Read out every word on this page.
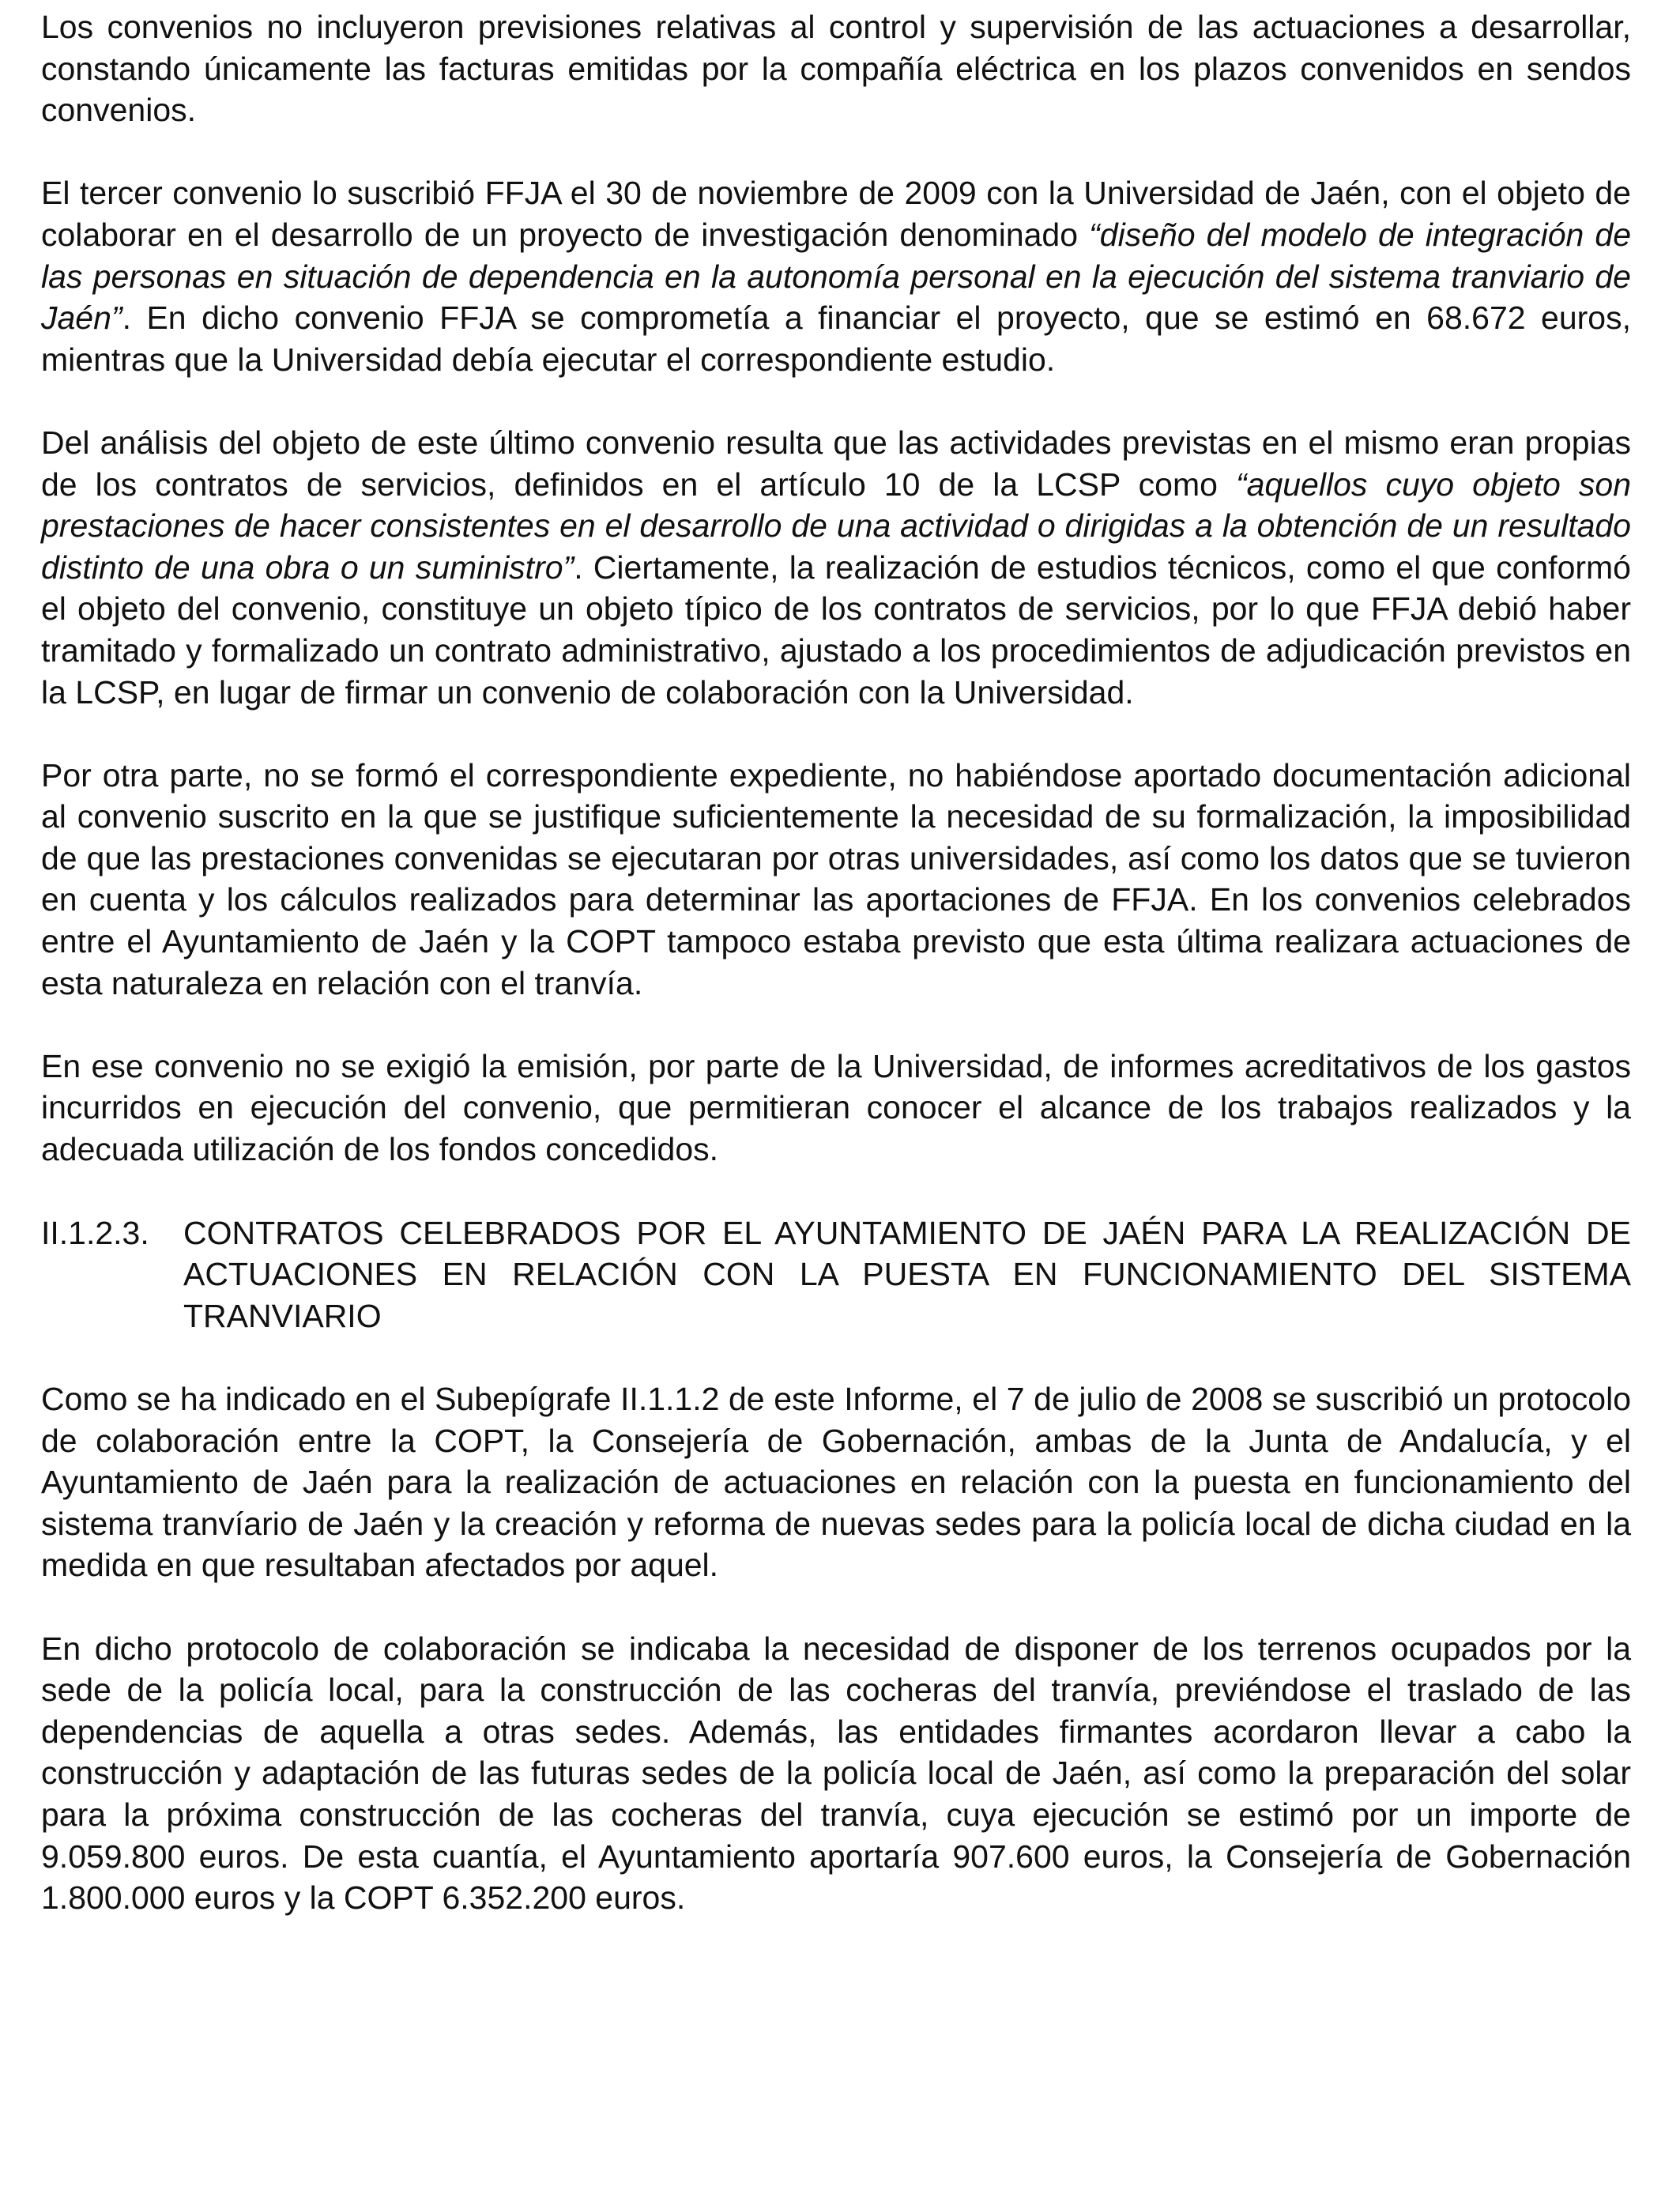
Los convenios no incluyeron previsiones relativas al control y supervisión de las actuaciones a desarrollar, constando únicamente las facturas emitidas por la compañía eléctrica en los plazos convenidos en sendos convenios.

El tercer convenio lo suscribió FFJA el 30 de noviembre de 2009 con la Universidad de Jaén, con el objeto de colaborar en el desarrollo de un proyecto de investigación denominado “diseño del modelo de integración de las personas en situación de dependencia en la autonomía personal en la ejecución del sistema tranviario de Jaén”. En dicho convenio FFJA se comprometía a financiar el proyecto, que se estimó en 68.672 euros, mientras que la Universidad debía ejecutar el correspondiente estudio.

Del análisis del objeto de este último convenio resulta que las actividades previstas en el mismo eran propias de los contratos de servicios, definidos en el artículo 10 de la LCSP como “aquellos cuyo objeto son prestaciones de hacer consistentes en el desarrollo de una actividad o dirigidas a la obtención de un resultado distinto de una obra o un suministro”. Ciertamente, la realización de estudios técnicos, como el que conformó el objeto del convenio, constituye un objeto típico de los contratos de servicios, por lo que FFJA debió haber tramitado y formalizado un contrato administrativo, ajustado a los procedimientos de adjudicación previstos en la LCSP, en lugar de firmar un convenio de colaboración con la Universidad.

Por otra parte, no se formó el correspondiente expediente, no habiéndose aportado documentación adicional al convenio suscrito en la que se justifique suficientemente la necesidad de su formalización, la imposibilidad de que las prestaciones convenidas se ejecutaran por otras universidades, así como los datos que se tuvieron en cuenta y los cálculos realizados para determinar las aportaciones de FFJA. En los convenios celebrados entre el Ayuntamiento de Jaén y la COPT tampoco estaba previsto que esta última realizara actuaciones de esta naturaleza en relación con el tranvía.

En ese convenio no se exigió la emisión, por parte de la Universidad, de informes acreditativos de los gastos incurridos en ejecución del convenio, que permitieran conocer el alcance de los trabajos realizados y la adecuada utilización de los fondos concedidos.

II.1.2.3.	CONTRATOS CELEBRADOS POR EL AYUNTAMIENTO DE JAÉN PARA LA REALIZACIÓN DE ACTUACIONES EN RELACIÓN CON LA PUESTA EN FUNCIONAMIENTO DEL SISTEMA TRANVIARIO

Como se ha indicado en el Subepígrafe II.1.1.2 de este Informe, el 7 de julio de 2008 se suscribió un protocolo de colaboración entre la COPT, la Consejería de Gobernación, ambas de la Junta de Andalucía, y el Ayuntamiento de Jaén para la realización de actuaciones en relación con la puesta en funcionamiento del sistema tranvíario de Jaén y la creación y reforma de nuevas sedes para la policía local de dicha ciudad en la medida en que resultaban afectados por aquel.

En dicho protocolo de colaboración se indicaba la necesidad de disponer de los terrenos ocupados por la sede de la policía local, para la construcción de las cocheras del tranvía, previéndose el traslado de las dependencias de aquella a otras sedes. Además, las entidades firmantes acordaron llevar a cabo la construcción y adaptación de las futuras sedes de la policía local de Jaén, así como la preparación del solar para la próxima construcción de las cocheras del tranvía, cuya ejecución se estimó por un importe de 9.059.800 euros. De esta cuantía, el Ayuntamiento aportaría 907.600 euros, la Consejería de Gobernación 1.800.000 euros y la COPT 6.352.200 euros.
